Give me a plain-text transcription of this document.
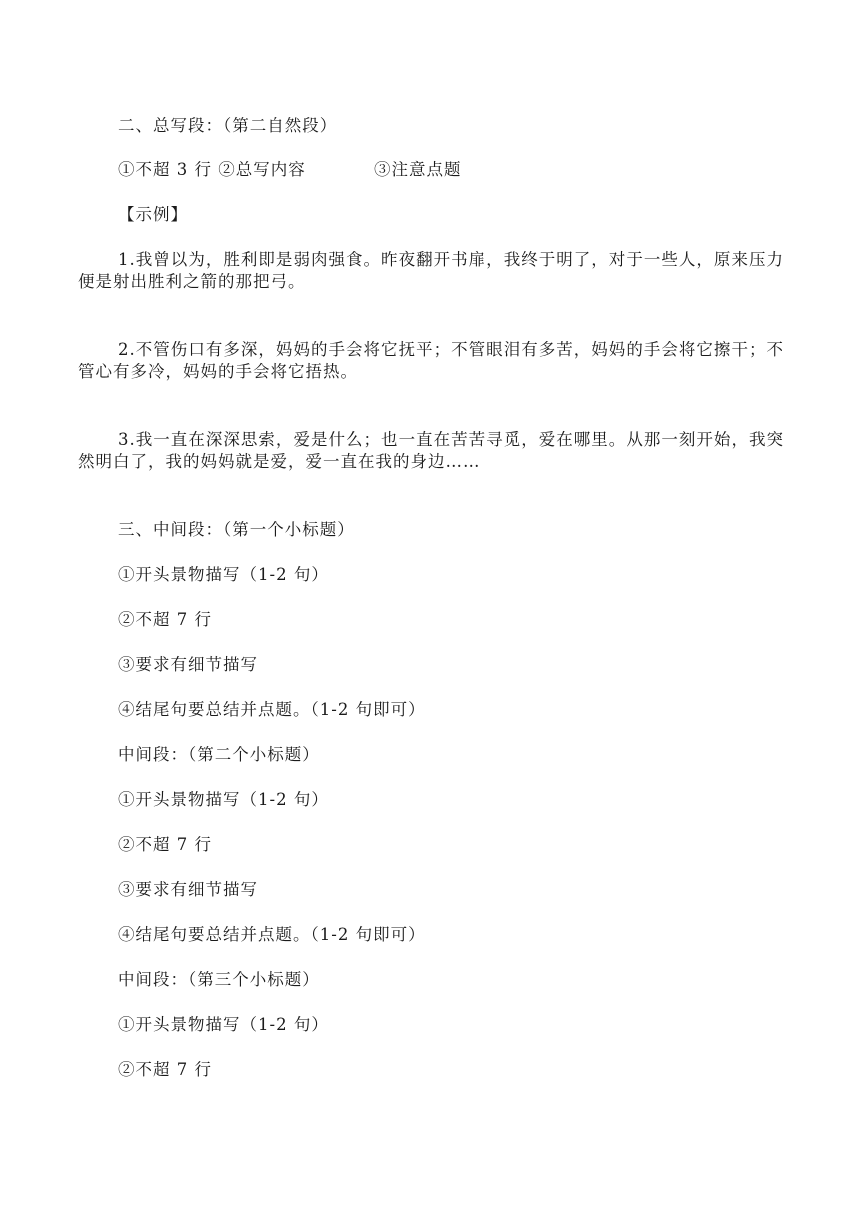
二、总写段：（第二自然段）
①不超 3 行 ②总写内容	③注意点题
【示例】
1.我曾以为，胜利即是弱肉强食。昨夜翻开书扉，我终于明了，对于一些人，原来压力便是射出胜利之箭的那把弓。
2.不管伤口有多深，妈妈的手会将它抚平；不管眼泪有多苦，妈妈的手会将它擦干；不管心有多冷，妈妈的手会将它捂热。
3.我一直在深深思索，爱是什么；也一直在苦苦寻觅，爱在哪里。从那一刻开始，我突然明白了，我的妈妈就是爱，爱一直在我的身边……
三、中间段：（第一个小标题）
①开头景物描写（1-2 句）
②不超 7 行
③要求有细节描写
④结尾句要总结并点题。（1-2 句即可）
中间段：（第二个小标题）
①开头景物描写（1-2 句）
②不超 7 行
③要求有细节描写
④结尾句要总结并点题。（1-2 句即可）
中间段：（第三个小标题）
①开头景物描写（1-2 句）
②不超 7 行
